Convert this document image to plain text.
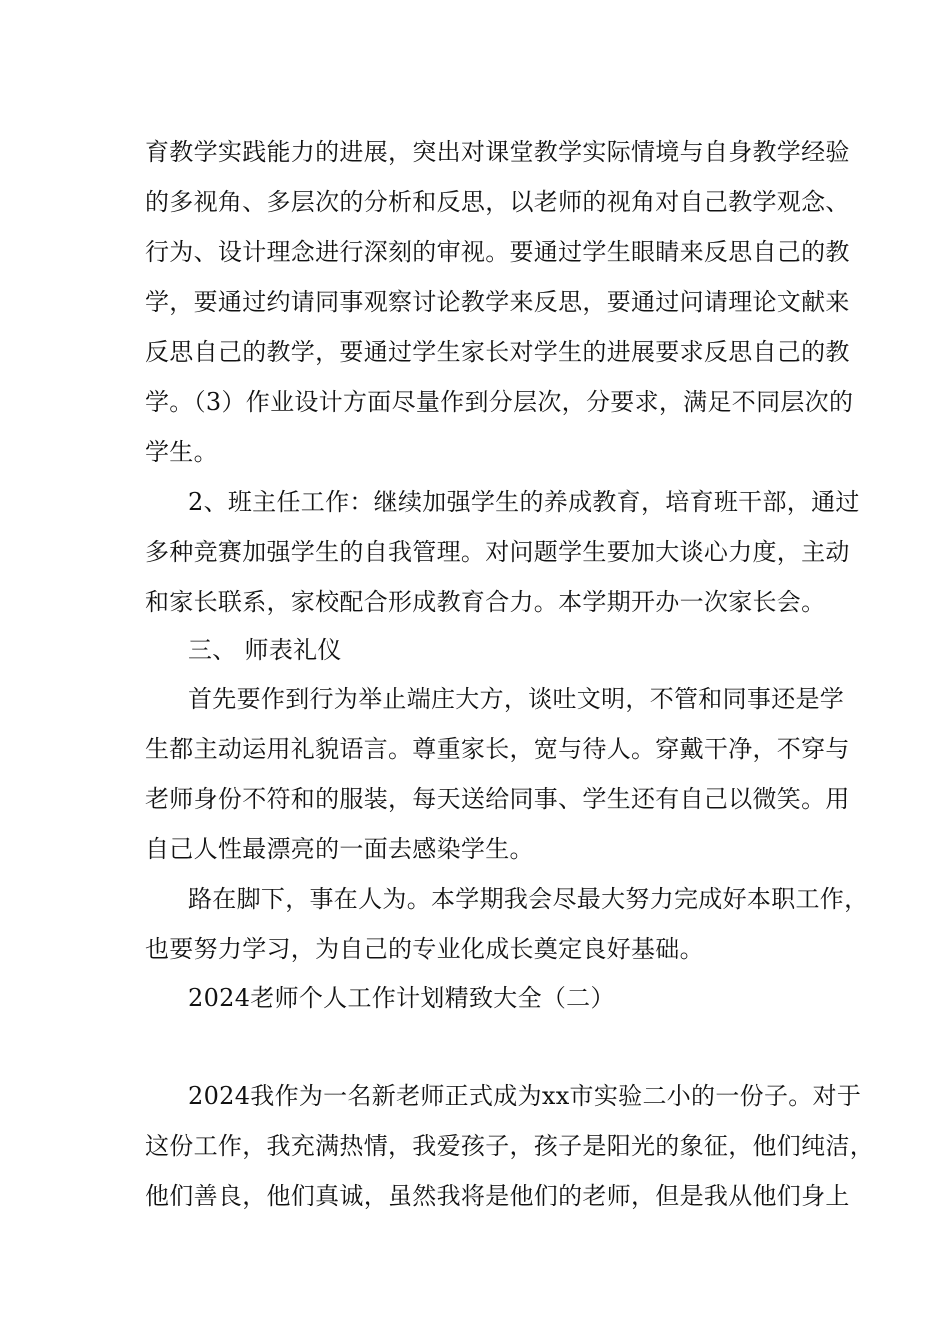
育教学实践能力的进展，突出对课堂教学实际情境与自身教学经验
的多视角、多层次的分析和反思，以老师的视角对自己教学观念、
行为、设计理念进行深刻的审视。要通过学生眼睛来反思自己的教
学，要通过约请同事观察讨论教学来反思，要通过问请理论文献来
反思自己的教学，要通过学生家长对学生的进展要求反思自己的教
学。（3）作业设计方面尽量作到分层次，分要求，满足不同层次的
学生。
2、班主任工作：继续加强学生的养成教育，培育班干部，通过
多种竞赛加强学生的自我管理。对问题学生要加大谈心力度，主动
和家长联系，家校配合形成教育合力。本学期开办一次家长会。
三、 师表礼仪
首先要作到行为举止端庄大方，谈吐文明，不管和同事还是学
生都主动运用礼貌语言。尊重家长，宽与待人。穿戴干净，不穿与
老师身份不符和的服装，每天送给同事、学生还有自己以微笑。用
自己人性最漂亮的一面去感染学生。
路在脚下，事在人为。本学期我会尽最大努力完成好本职工作，
也要努力学习，为自己的专业化成长奠定良好基础。
2024老师个人工作计划精致大全（二）
2024我作为一名新老师正式成为xx市实验二小的一份子。对于
这份工作，我充满热情，我爱孩子，孩子是阳光的象征，他们纯洁，
他们善良，他们真诚，虽然我将是他们的老师，但是我从他们身上
